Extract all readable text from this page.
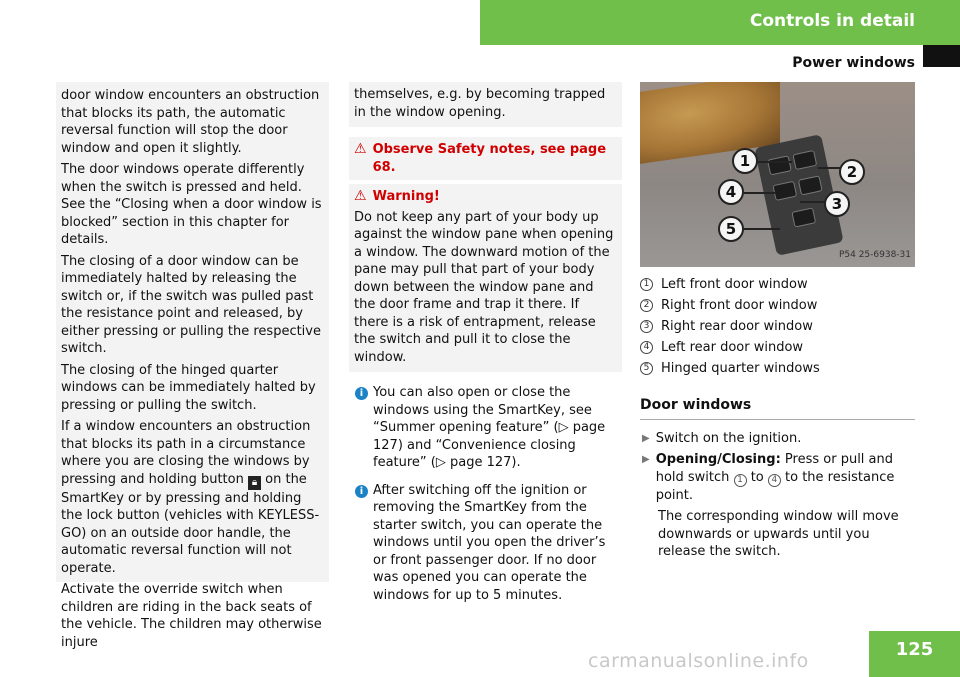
Controls in detail
Power windows

door window encounters an obstruction that blocks its path, the automatic reversal function will stop the door window and open it slightly.

The door windows operate differently when the switch is pressed and held. See the “Closing when a door window is blocked” section in this chapter for details.

The closing of a door window can be immediately halted by releasing the switch or, if the switch was pulled past the resistance point and released, by either pressing or pulling the respective switch.

The closing of the hinged quarter windows can be immediately halted by pressing or pulling the switch.

If a window encounters an obstruction that blocks its path in a circumstance where you are closing the windows by pressing and holding button 🔒︎ on the SmartKey or by pressing and holding the lock button (vehicles with KEYLESS-GO) on an outside door handle, the automatic reversal function will not operate.

Activate the override switch when children are riding in the back seats of the vehicle. The children may otherwise injure

themselves, e.g. by becoming trapped in the window opening.
⚠︎ Observe Safety notes, see page 68.
⚠︎ Warning!
Do not keep any part of your body up against the window pane when opening a window. The downward motion of the pane may pull that part of your body down between the window pane and the door frame and trap it there. If there is a risk of entrapment, release the switch and pull it to close the window.
i You can also open or close the windows using the SmartKey, see “Summer opening feature” (▷ page 127) and “Convenience closing feature” (▷ page 127).
i After switching off the ignition or removing the SmartKey from the starter switch, you can operate the windows until you open the driver’s or front passenger door. If no door was opened you can operate the windows for up to 5 minutes.
1
2
3
4
5
P54 25-6938-31
1 Left front door window
2 Right front door window
3 Right rear door window
4 Left rear door window
5 Hinged quarter windows
Door windows
▶︎ Switch on the ignition.
▶︎ Opening/Closing: Press or pull and hold switch 1 to 4 to the resistance point.
The corresponding window will move downwards or upwards until you release the switch.
125
carmanualsonline.info
